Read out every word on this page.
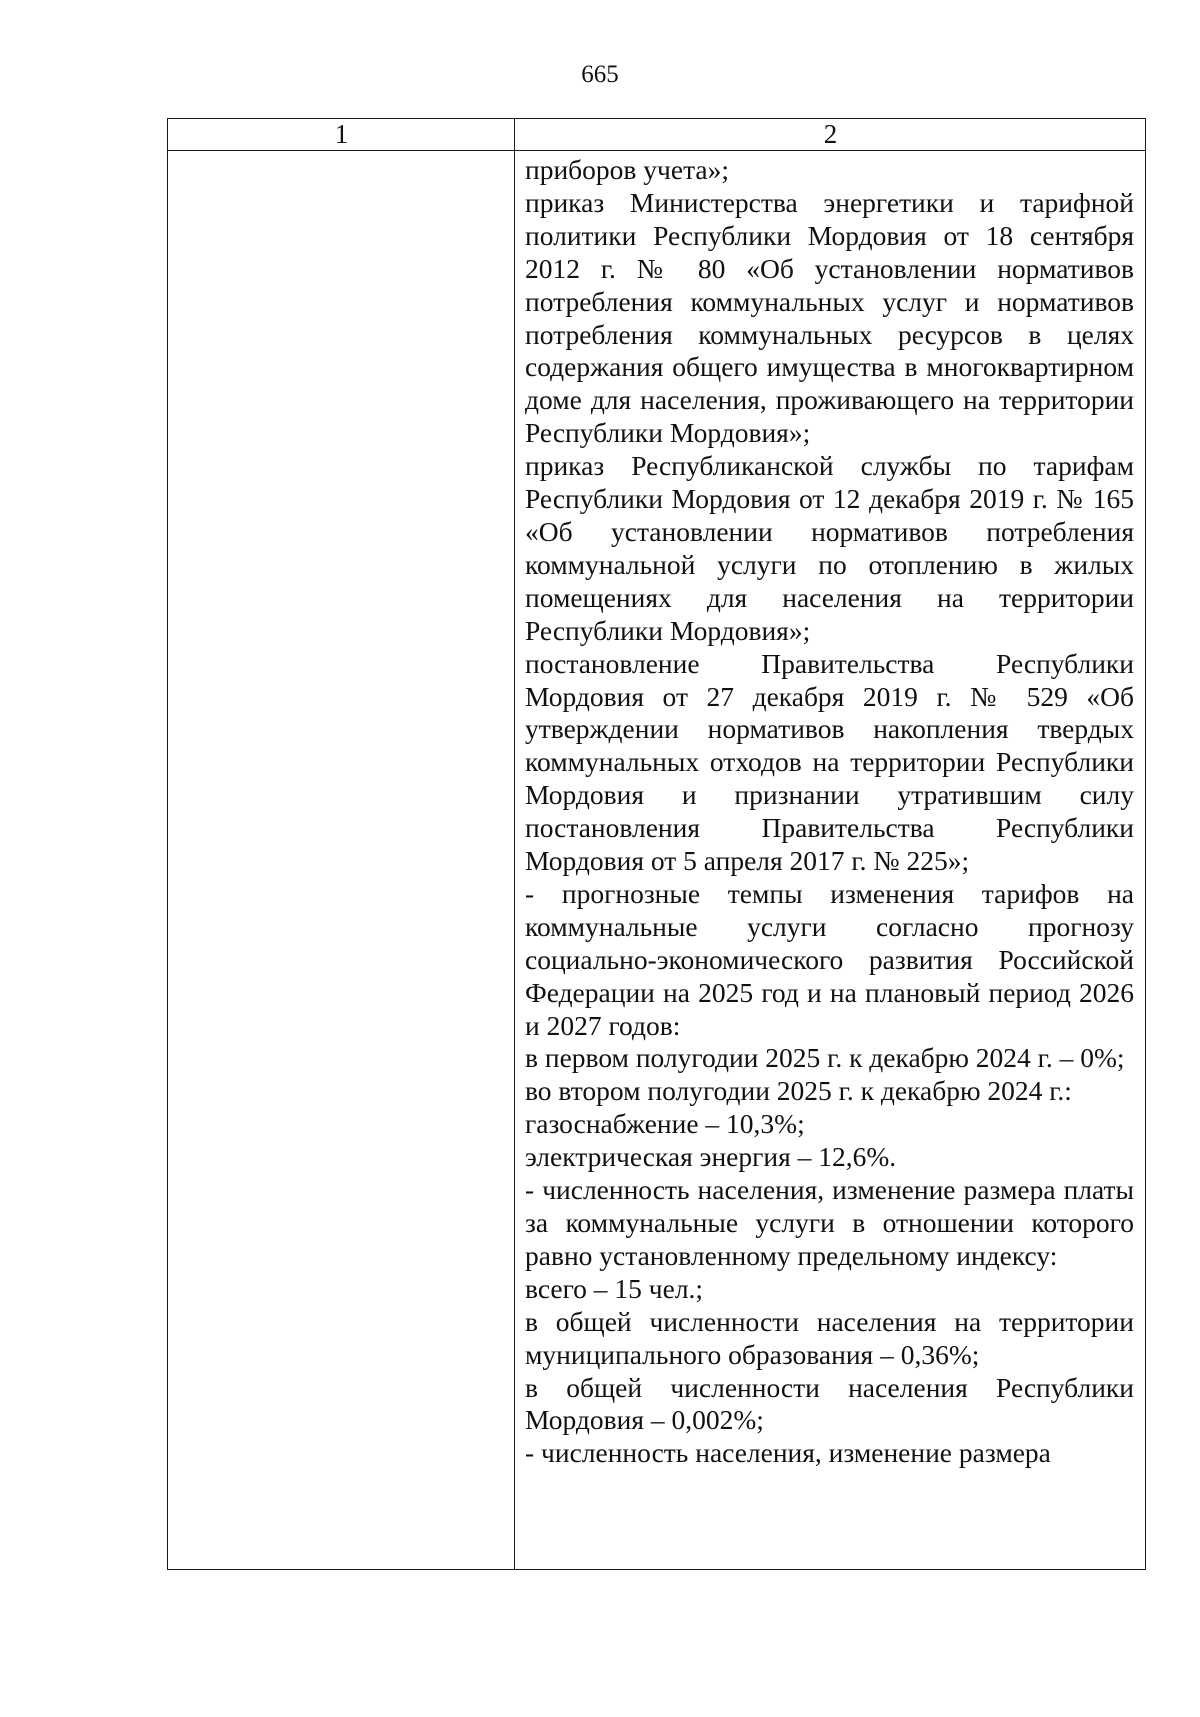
665
1	2

приборов учета»;

приказ Министерства энергетики и тарифной политики Республики Мордовия от 18 сентября 2012 г. № 80 «Об установлении нормативов потребления коммунальных услуг и нормативов потребления коммунальных ресурсов в целях содержания общего имущества в многоквартирном доме для населения, проживающего на территории Республики Мордовия»;

приказ Республиканской службы по тарифам Республики Мордовия от 12 декабря 2019 г. № 165 «Об установлении нормативов потребления коммунальной услуги по отоплению в жилых помещениях для населения на территории Республики Мордовия»;

постановление Правительства Республики Мордовия от 27 декабря 2019 г. № 529 «Об утверждении нормативов накопления твердых коммунальных отходов на территории Республики Мордовия и признании утратившим силу постановления Правительства Республики Мордовия от 5 апреля 2017 г. № 225»;

- прогнозные темпы изменения тарифов на коммунальные услуги согласно прогнозу социально-экономического развития Российской Федерации на 2025 год и на плановый период 2026 и 2027 годов:

в первом полугодии 2025 г. к декабрю 2024 г. – 0%;

во втором полугодии 2025 г. к декабрю 2024 г.:

газоснабжение – 10,3%;

электрическая энергия – 12,6%.

- численность населения, изменение размера платы за коммунальные услуги в отношении которого равно установленному предельному индексу:

всего – 15 чел.;

в общей численности населения на территории муниципального образования – 0,36%;

в общей численности населения Республики Мордовия – 0,002%;

- численность населения, изменение размера
